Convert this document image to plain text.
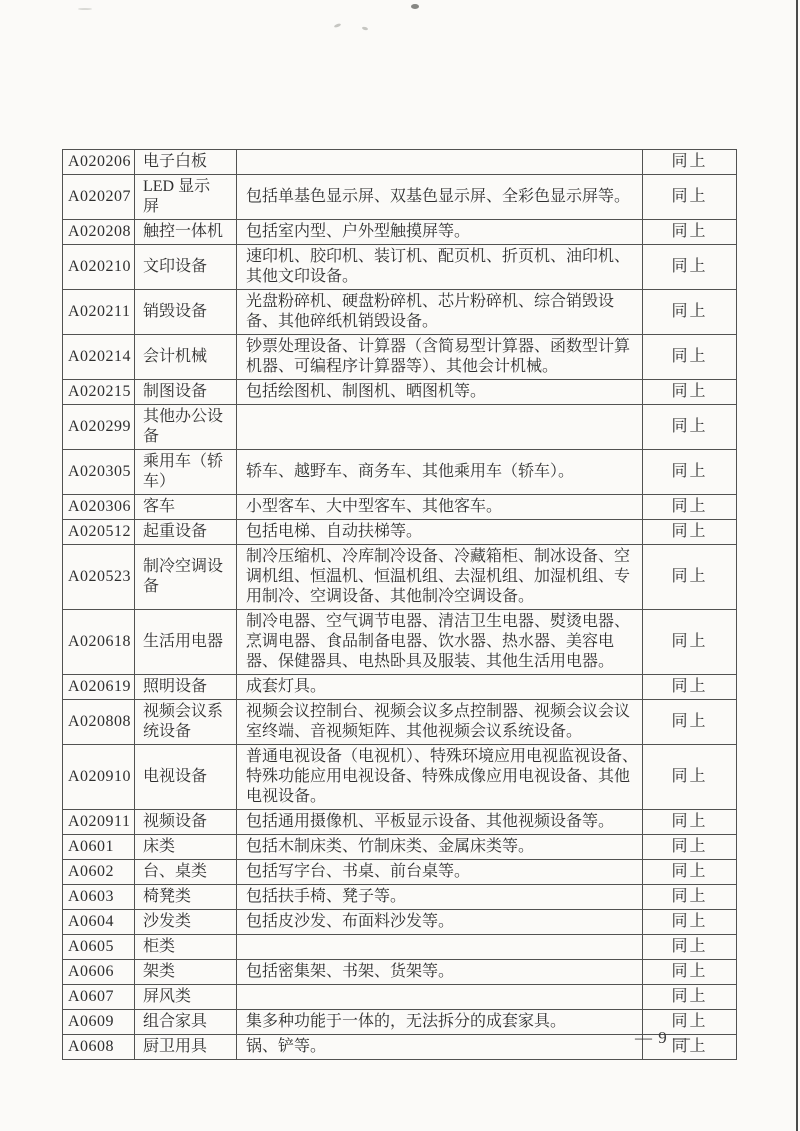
A020206	电子白板		同上
A020207	LED 显示屏	包括单基色显示屏、双基色显示屏、全彩色显示屏等。	同上
A020208	触控一体机	包括室内型、户外型触摸屏等。	同上
A020210	文印设备	速印机、胶印机、装订机、配页机、折页机、油印机、其他文印设备。	同上
A020211	销毁设备	光盘粉碎机、硬盘粉碎机、芯片粉碎机、综合销毁设备、其他碎纸机销毁设备。	同上
A020214	会计机械	钞票处理设备、计算器（含简易型计算器、函数型计算机器、可编程序计算器等）、其他会计机械。	同上
A020215	制图设备	包括绘图机、制图机、晒图机等。	同上
A020299	其他办公设备		同上
A020305	乘用车（轿车）	轿车、越野车、商务车、其他乘用车（轿车）。	同上
A020306	客车	小型客车、大中型客车、其他客车。	同上
A020512	起重设备	包括电梯、自动扶梯等。	同上
A020523	制冷空调设备	制冷压缩机、冷库制冷设备、冷藏箱柜、制冰设备、空调机组、恒温机、恒温机组、去湿机组、加湿机组、专用制冷、空调设备、其他制冷空调设备。	同上
A020618	生活用电器	制冷电器、空气调节电器、清洁卫生电器、熨烫电器、烹调电器、食品制备电器、饮水器、热水器、美容电器、保健器具、电热卧具及服装、其他生活用电器。	同上
A020619	照明设备	成套灯具。	同上
A020808	视频会议系统设备	视频会议控制台、视频会议多点控制器、视频会议会议室终端、音视频矩阵、其他视频会议系统设备。	同上
A020910	电视设备	普通电视设备（电视机）、特殊环境应用电视监视设备、特殊功能应用电视设备、特殊成像应用电视设备、其他电视设备。	同上
A020911	视频设备	包括通用摄像机、平板显示设备、其他视频设备等。	同上
A0601	床类	包括木制床类、竹制床类、金属床类等。	同上
A0602	台、桌类	包括写字台、书桌、前台桌等。	同上
A0603	椅凳类	包括扶手椅、凳子等。	同上
A0604	沙发类	包括皮沙发、布面料沙发等。	同上
A0605	柜类		同上
A0606	架类	包括密集架、书架、货架等。	同上
A0607	屏风类		同上
A0609	组合家具	集多种功能于一体的，无法拆分的成套家具。	同上
A0608	厨卫用具	锅、铲等。	同上
— 9 —
